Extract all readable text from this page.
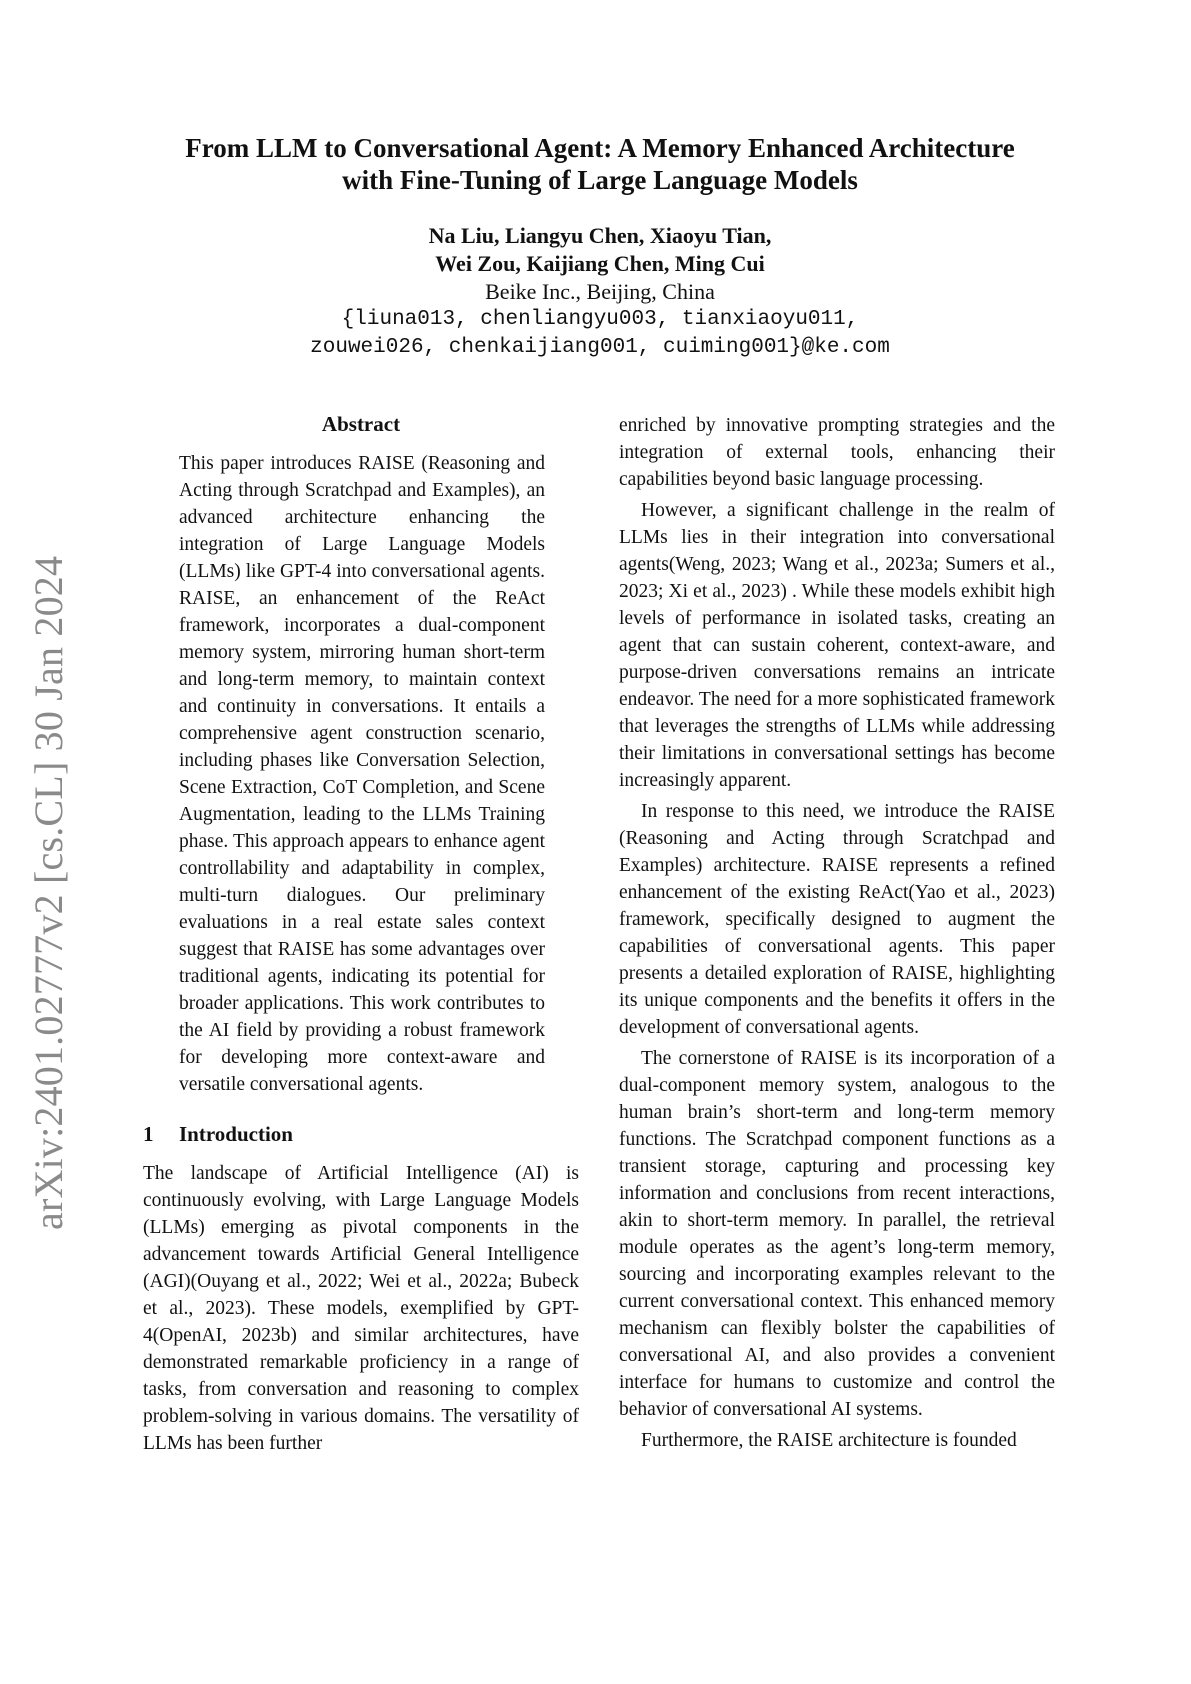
arXiv:2401.02777v2 [cs.CL] 30 Jan 2024
From LLM to Conversational Agent: A Memory Enhanced Architecture
with Fine-Tuning of Large Language Models
Na Liu, Liangyu Chen, Xiaoyu Tian,
Wei Zou, Kaijiang Chen, Ming Cui
Beike Inc., Beijing, China
{liuna013, chenliangyu003, tianxiaoyu011,
zouwei026, chenkaijiang001, cuiming001}@ke.com
Abstract

This paper introduces RAISE (Reasoning and Acting through Scratchpad and Examples), an advanced architecture enhancing the integration of Large Language Models (LLMs) like GPT-4 into conversational agents. RAISE, an enhancement of the ReAct framework, incorporates a dual-component memory system, mirroring human short-term and long-term memory, to maintain context and continuity in conversations. It entails a comprehensive agent construction scenario, including phases like Conversation Selection, Scene Extraction, CoT Completion, and Scene Augmentation, leading to the LLMs Training phase. This approach appears to enhance agent controllability and adaptability in complex, multi-turn dialogues. Our preliminary evaluations in a real estate sales context suggest that RAISE has some advantages over traditional agents, indicating its potential for broader applications. This work contributes to the AI field by providing a robust framework for developing more context-aware and versatile conversational agents.

1 Introduction

The landscape of Artificial Intelligence (AI) is continuously evolving, with Large Language Models (LLMs) emerging as pivotal components in the advancement towards Artificial General Intelligence (AGI)(Ouyang et al., 2022; Wei et al., 2022a; Bubeck et al., 2023). These models, exemplified by GPT-4(OpenAI, 2023b) and similar architectures, have demonstrated remarkable proficiency in a range of tasks, from conversation and reasoning to complex problem-solving in various domains. The versatility of LLMs has been further

enriched by innovative prompting strategies and the integration of external tools, enhancing their capabilities beyond basic language processing.

However, a significant challenge in the realm of LLMs lies in their integration into conversational agents(Weng, 2023; Wang et al., 2023a; Sumers et al., 2023; Xi et al., 2023) . While these models exhibit high levels of performance in isolated tasks, creating an agent that can sustain coherent, context-aware, and purpose-driven conversations remains an intricate endeavor. The need for a more sophisticated framework that leverages the strengths of LLMs while addressing their limitations in conversational settings has become increasingly apparent.

In response to this need, we introduce the RAISE (Reasoning and Acting through Scratchpad and Examples) architecture. RAISE represents a refined enhancement of the existing ReAct(Yao et al., 2023) framework, specifically designed to augment the capabilities of conversational agents. This paper presents a detailed exploration of RAISE, highlighting its unique components and the benefits it offers in the development of conversational agents.

The cornerstone of RAISE is its incorporation of a dual-component memory system, analogous to the human brain’s short-term and long-term memory functions. The Scratchpad component functions as a transient storage, capturing and processing key information and conclusions from recent interactions, akin to short-term memory. In parallel, the retrieval module operates as the agent’s long-term memory, sourcing and incorporating examples relevant to the current conversational context. This enhanced memory mechanism can flexibly bolster the capabilities of conversational AI, and also provides a convenient interface for humans to customize and control the behavior of conversational AI systems.

Furthermore, the RAISE architecture is founded
